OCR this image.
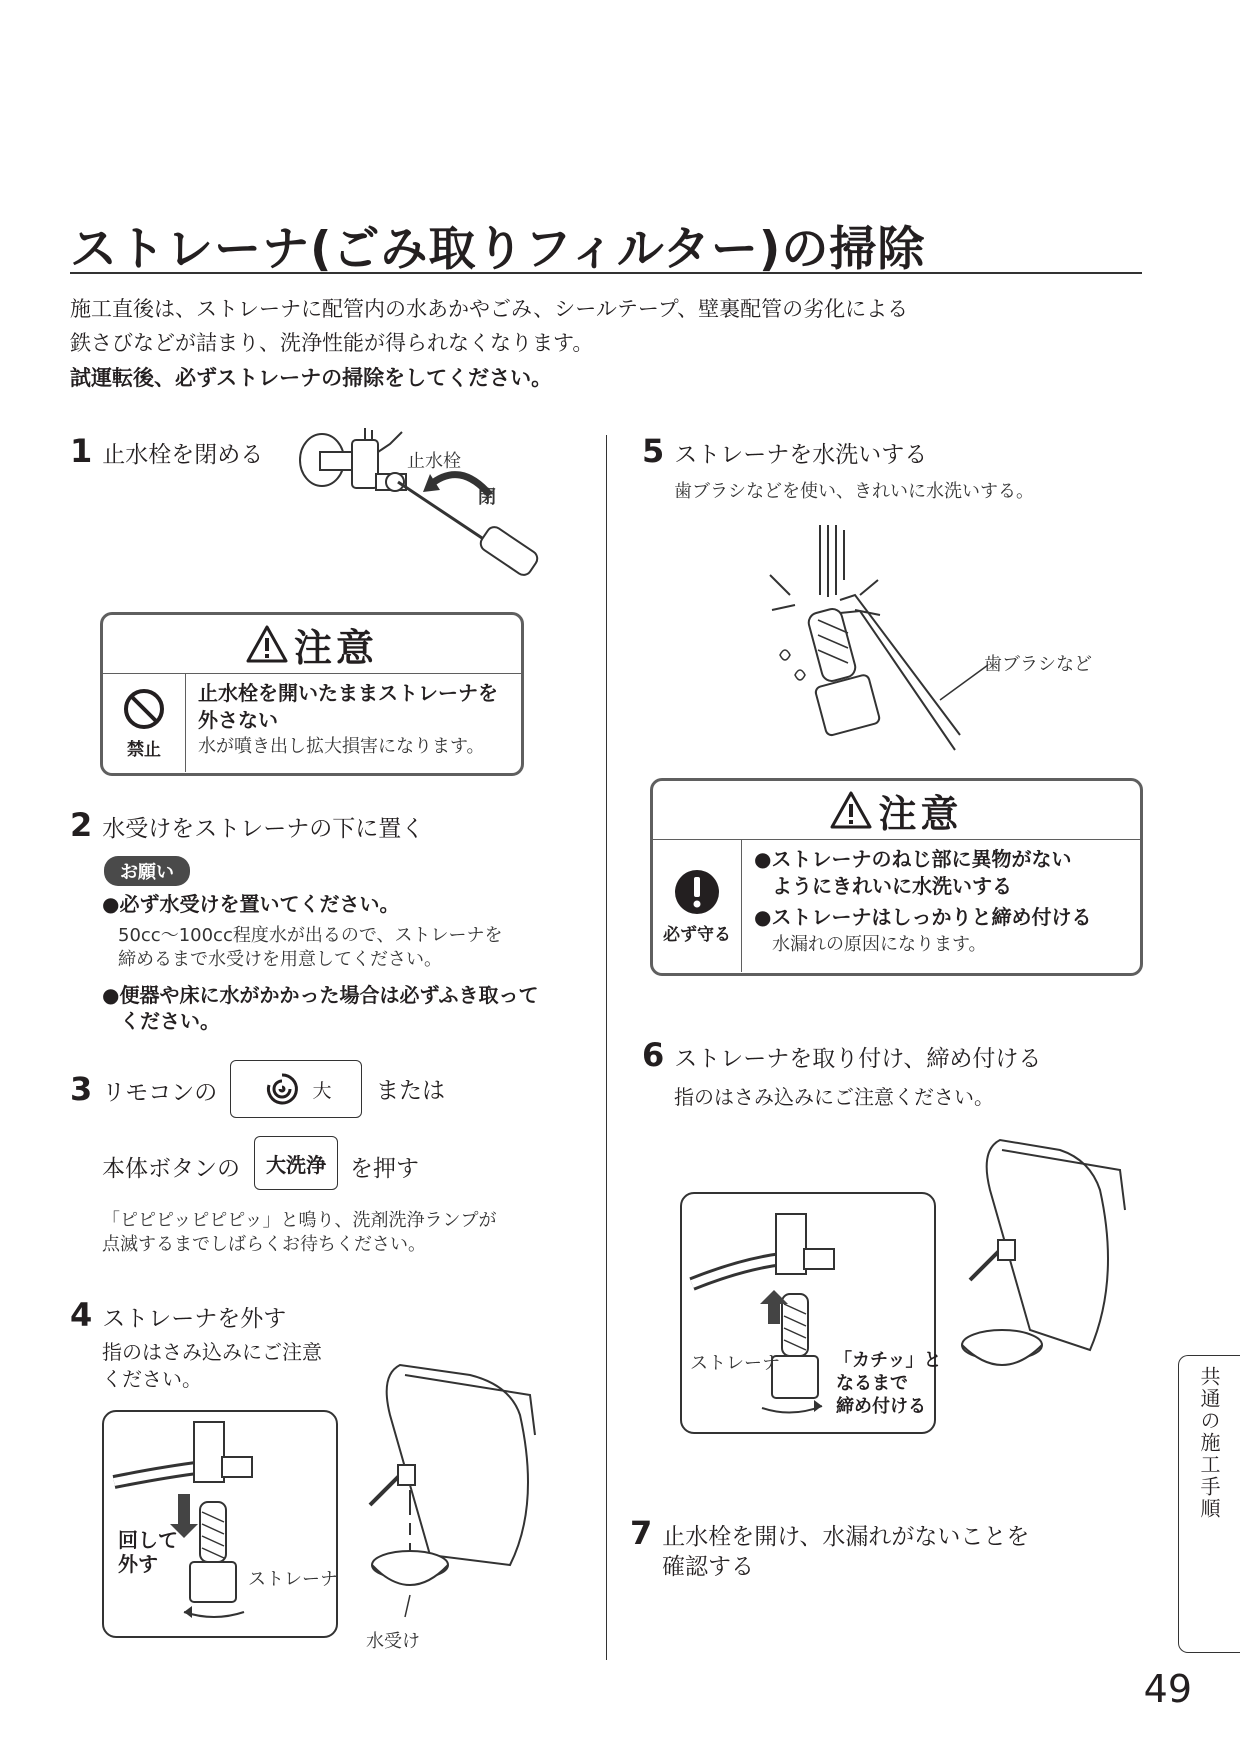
ストレーナ(ごみ取りフィルター)の掃除
施工直後は、ストレーナに配管内の水あかやごみ、シールテープ、壁裏配管の劣化による
鉄さびなどが詰まり、洗浄性能が得られなくなります。
試運転後、必ずストレーナの掃除をしてください。
1 止水栓を閉める	止水栓
閉
注意
禁止
止水栓を開いたままストレーナを
外さない
水が噴き出し拡大損害になります。
2 水受けをストレーナの下に置く
お願い
●必ず水受けを置いてください。
50cc～100cc程度水が出るので、ストレーナを
締めるまで水受けを用意してください。
●便器や床に水がかかった場合は必ずふき取って
ください。
3 リモコンの	大 または
本体ボタンの 大洗浄 を押す
「ピピピッピピピッ」と鳴り、洗剤洗浄ランプが
点滅するまでしばらくお待ちください。
4 ストレーナを外す
指のはさみ込みにご注意
ください。
回して
外す
ストレーナ
水受け
5 ストレーナを水洗いする
歯ブラシなどを使い、きれいに水洗いする。
歯ブラシなど
注意
必ず守る
●ストレーナのねじ部に異物がない
ようにきれいに水洗いする
●ストレーナはしっかりと締め付ける
水漏れの原因になります。
6 ストレーナを取り付け、締め付ける
指のはさみ込みにご注意ください。
ストレーナ	「カチッ」と
なるまで
締め付ける
7 止水栓を開け、水漏れがないことを
確認する
共通の施工手順
49
